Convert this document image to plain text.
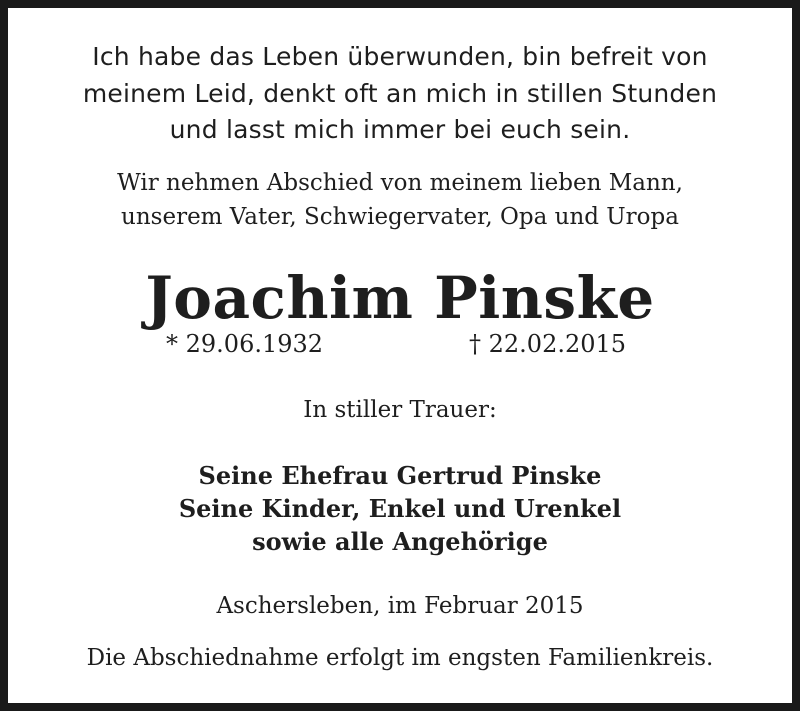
Ich habe das Leben überwunden, bin befreit von

meinem Leid, denkt oft an mich in stillen Stunden

und lasst mich immer bei euch sein.

Wir nehmen Abschied von meinem lieben Mann,

unserem Vater, Schwiegervater, Opa und Uropa

Joachim Pinske

* 29.06.1932	† 22.02.2015

In stiller Trauer:

Seine Ehefrau Gertrud Pinske

Seine Kinder, Enkel und Urenkel

sowie alle Angehörige

Aschersleben, im Februar 2015

Die Abschiednahme erfolgt im engsten Familienkreis.
